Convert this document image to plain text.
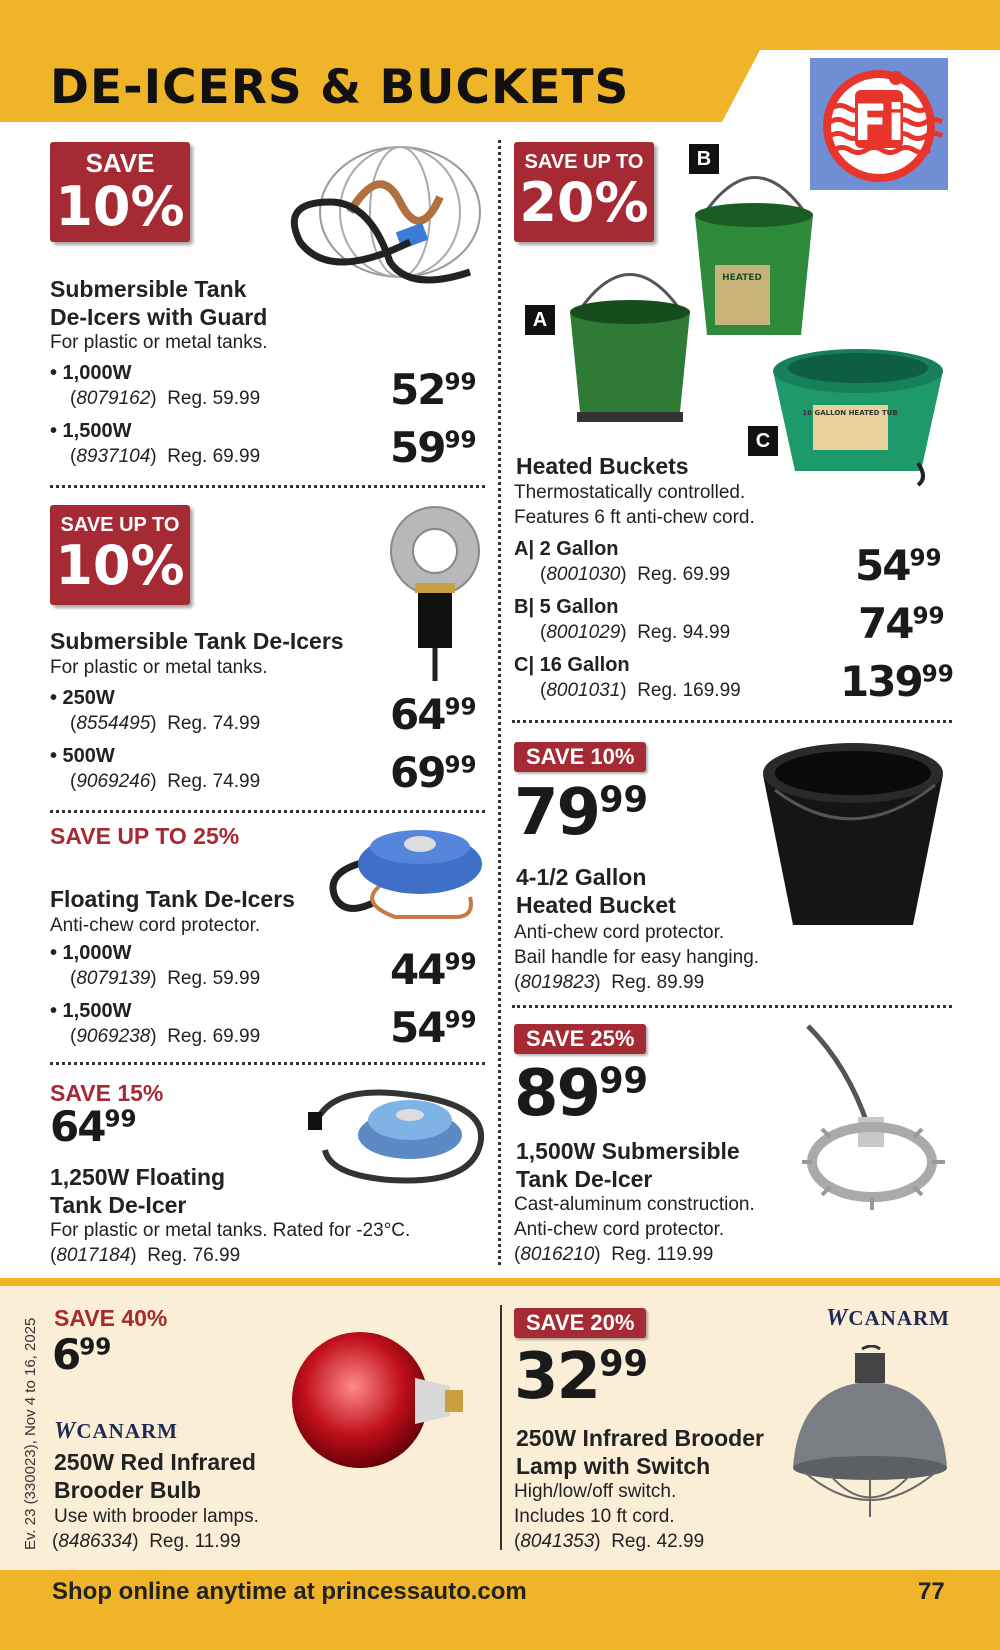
DE-ICERS & BUCKETS
Fi
SAVE
10%
Submersible Tank
De-Icers with Guard
For plastic or metal tanks.
• 1,000W
(8079162)  Reg. 59.99	$52^{99}$
• 1,500W
(8937104)  Reg. 69.99	$59^{99}$
SAVE UP TO
10%
Submersible Tank De-Icers
For plastic or metal tanks.
• 250W
(8554495)  Reg. 74.99	$64^{99}$
• 500W
(9069246)  Reg. 74.99	$69^{99}$
SAVE UP TO 25%
Floating Tank De-Icers
Anti-chew cord protector.
• 1,000W
(8079139)  Reg. 59.99	$44^{99}$
• 1,500W
(9069238)  Reg. 69.99	$54^{99}$
SAVE 15%
$64^{99}$
1,250W Floating
Tank De-Icer
For plastic or metal tanks. Rated for -23°C.
(8017184)  Reg. 76.99
SAVE UP TO
20%
B
A
C
HEATED
16 GALLON HEATED TUB
Heated Buckets
Thermostatically controlled.
Features 6 ft anti-chew cord.
A| 2 Gallon
(8001030)  Reg. 69.99	$54^{99}$
B| 5 Gallon
(8001029)  Reg. 94.99	$74^{99}$
C| 16 Gallon
(8001031)  Reg. 169.99 $139^{99}$
SAVE 10%
$79^{99}$
4-1/2 Gallon
Heated Bucket
Anti-chew cord protector.
Bail handle for easy hanging.
(8019823)  Reg. 89.99
SAVE 25%
$89^{99}$
1,500W Submersible
Tank De-Icer
Cast-aluminum construction.
Anti-chew cord protector.
(8016210)  Reg. 119.99
Ev. 23 (330023), Nov 4 to 16, 2025 SAVE 40%
$6^{99}$
WCANARM
250W Red Infrared
Brooder Bulb
Use with brooder lamps.
(8486334)  Reg. 11.99
SAVE 20%
$32^{99}$
WCANARM
250W Infrared Brooder
Lamp with Switch
High/low/off switch.
Includes 10 ft cord.
(8041353)  Reg. 42.99
Shop online anytime at princessauto.com	77
